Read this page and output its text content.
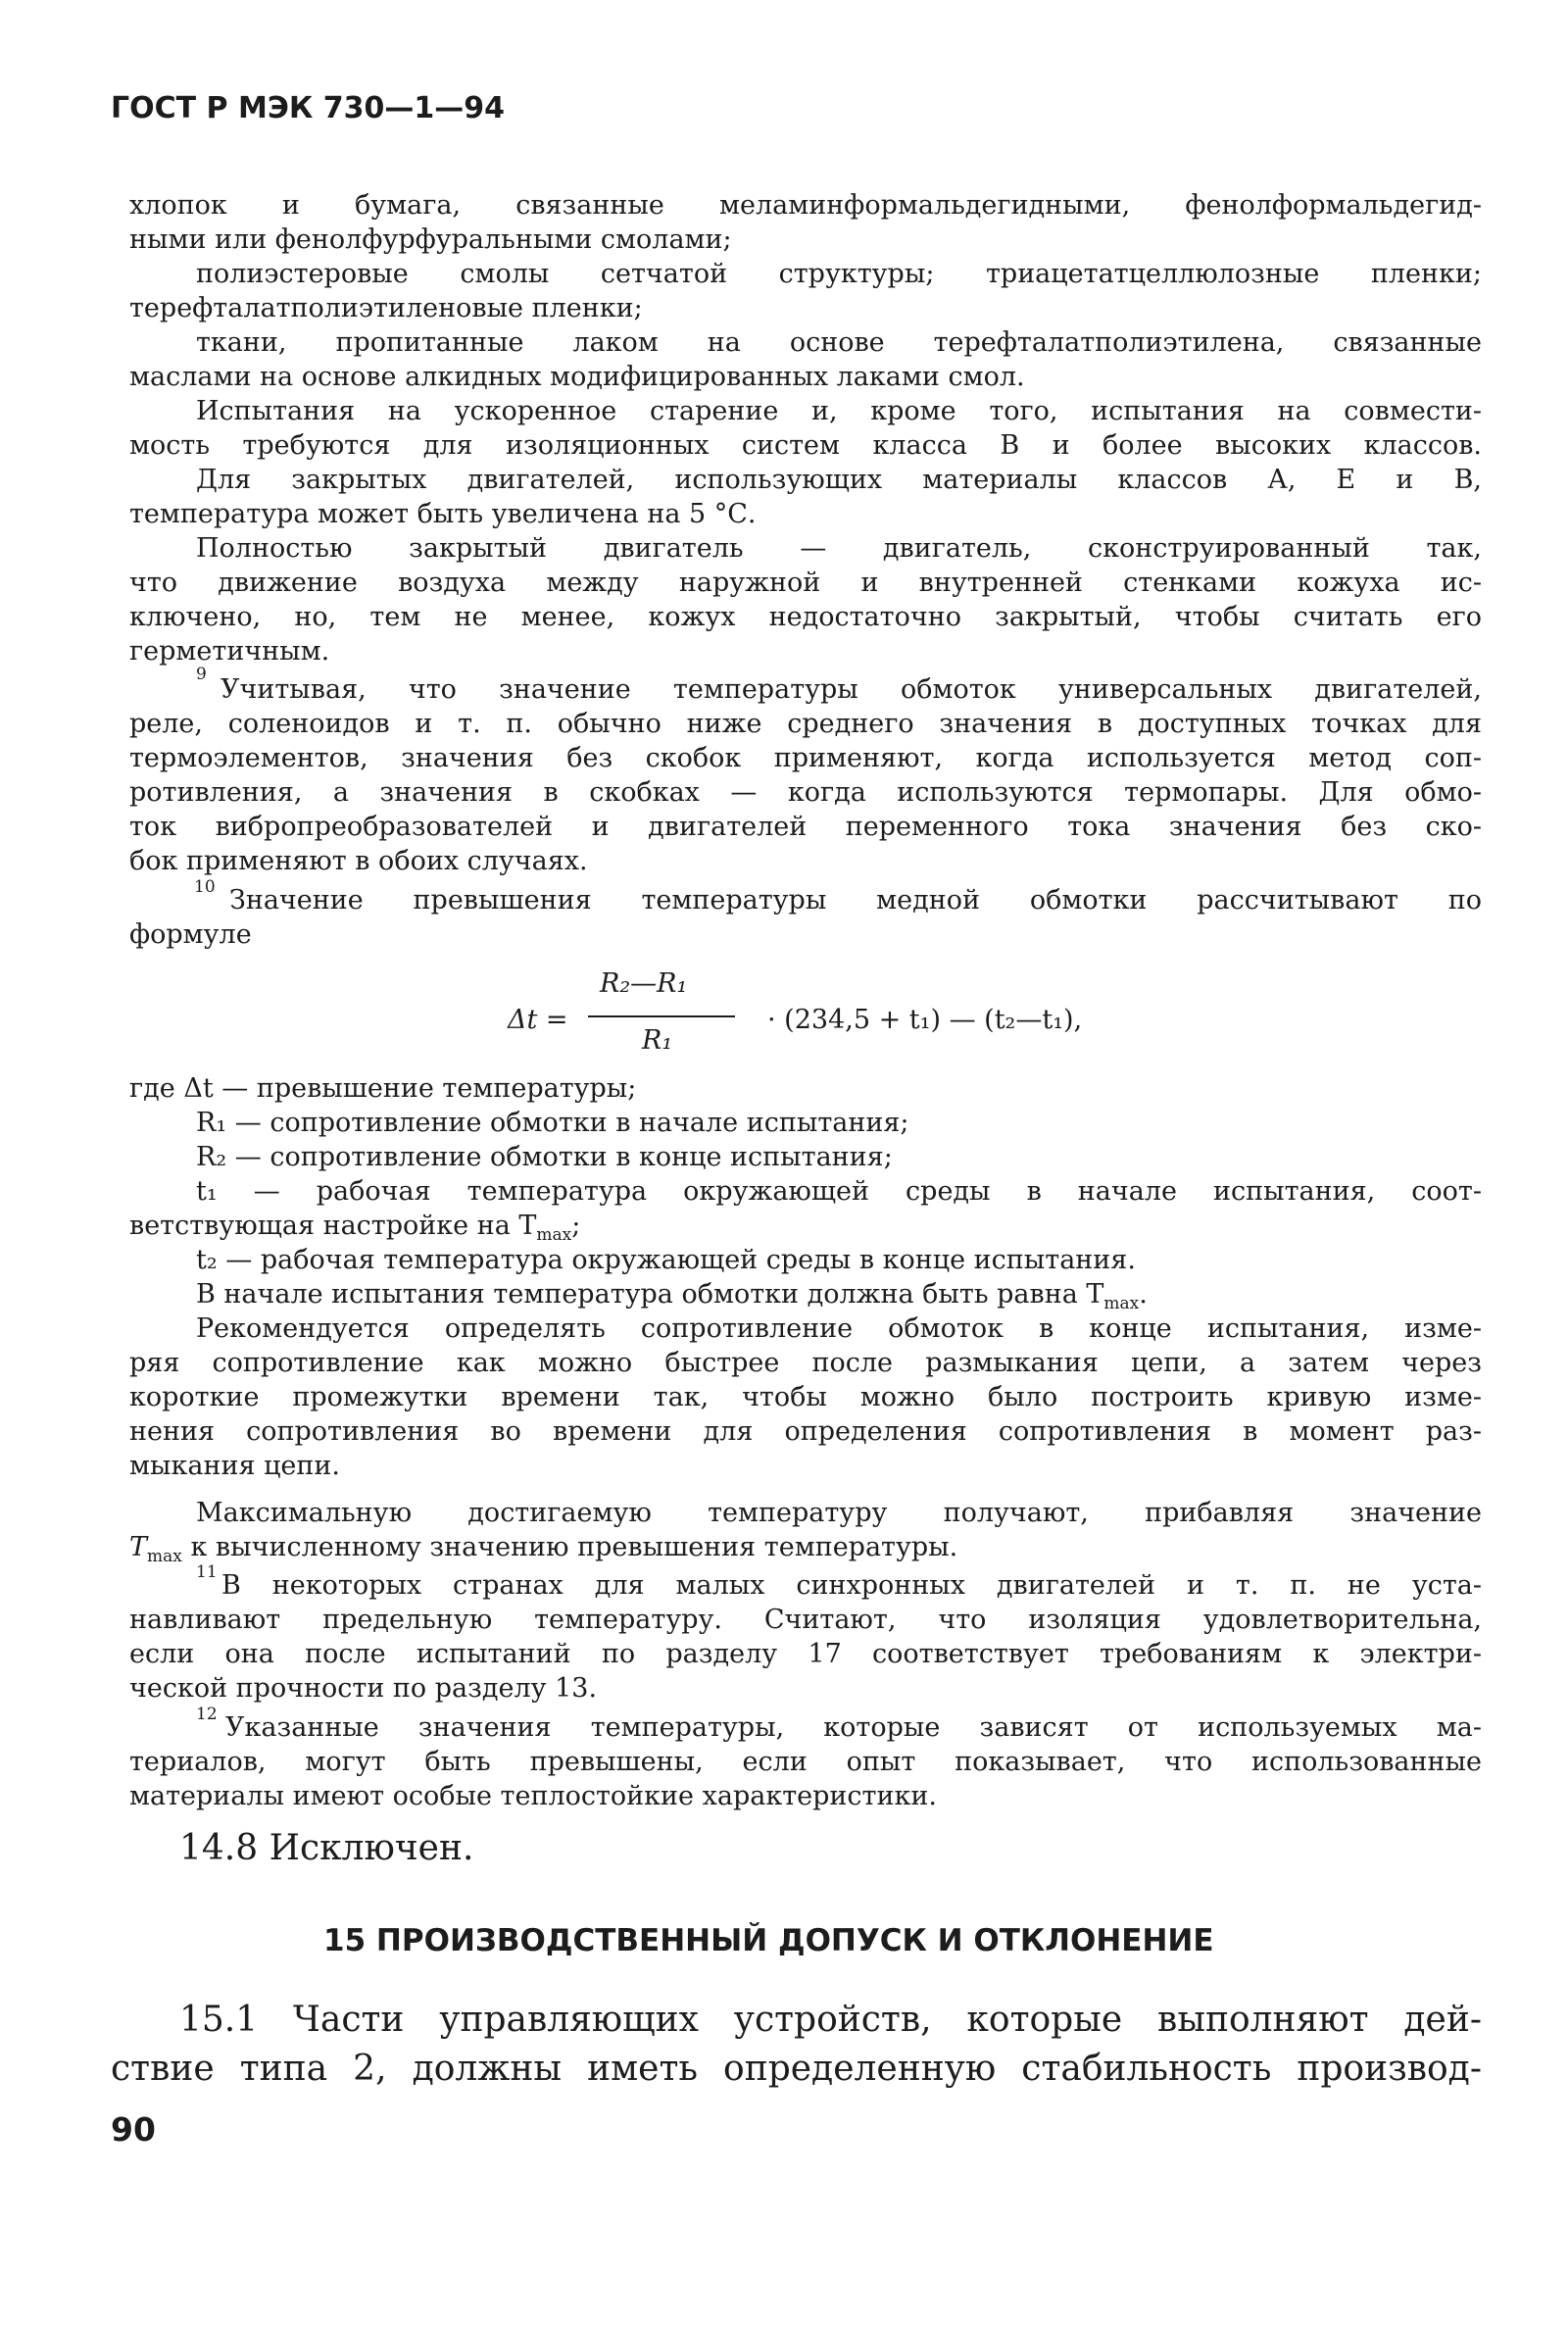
ГОСТ Р МЭК 730—1—94
хлопок и бумага, связанные меламинформальдегидными, фенолформальдегид-
ными или фенолфурфуральными смолами;
полиэстеровые смолы сетчатой структуры; триацетатцеллюлозные пленки;
терефталатполиэтиленовые пленки;
ткани, пропитанные лаком на основе терефталатполиэтилена, связанные
маслами на основе алкидных модифицированных лаками смол.
Испытания на ускоренное старение и, кроме того, испытания на совмести-
мость требуются для изоляционных систем класса В и более высоких классов.
Для закрытых двигателей, использующих материалы классов А, Е и В,
температура может быть увеличена на 5 °С.
Полностью закрытый двигатель — двигатель, сконструированный так,
что движение воздуха между наружной и внутренней стенками кожуха ис-
ключено, но, тем не менее, кожух недостаточно закрытый, чтобы считать его
герметичным.
9 Учитывая, что значение температуры обмоток универсальных двигателей,
реле, соленоидов и т. п. обычно ниже среднего значения в доступных точках для
термоэлементов, значения без скобок применяют, когда используется метод соп-
ротивления, а значения в скобках — когда используются термопары. Для обмо-
ток вибропреобразователей и двигателей переменного тока значения без ско-
бок применяют в обоих случаях.
10 Значение превышения температуры медной обмотки рассчитывают по
формуле
Δt =
R₂—R₁
R₁
· (234,5 + t₁) — (t₂—t₁),
где Δt — превышение температуры;
R₁ — сопротивление обмотки в начале испытания;
R₂ — сопротивление обмотки в конце испытания;
t₁ — рабочая температура окружающей среды в начале испытания, соот-
ветствующая настройке на $T_{max}$;
t₂ — рабочая температура окружающей среды в конце испытания.
В начале испытания температура обмотки должна быть равна $T_{max}$.
Рекомендуется определять сопротивление обмоток в конце испытания, изме-
ряя сопротивление как можно быстрее после размыкания цепи, а затем через
короткие промежутки времени так, чтобы можно было построить кривую изме-
нения сопротивления во времени для определения сопротивления в момент раз-
мыкания цепи.
Максимальную достигаемую температуру получают, прибавляя значение
$T_{max}$ к вычисленному значению превышения температуры.
11 В некоторых странах для малых синхронных двигателей и т. п. не уста-
навливают предельную температуру. Считают, что изоляция удовлетворительна,
если она после испытаний по разделу 17 соответствует требованиям к электри-
ческой прочности по разделу 13.
12 Указанные значения температуры, которые зависят от используемых ма-
териалов, могут быть превышены, если опыт показывает, что использованные
материалы имеют особые теплостойкие характеристики.
14.8 Исключен.
15 ПРОИЗВОДСТВЕННЫЙ ДОПУСК И ОТКЛОНЕНИЕ
15.1 Части управляющих устройств, которые выполняют дей-
ствие типа 2, должны иметь определенную стабильность производ-
90
